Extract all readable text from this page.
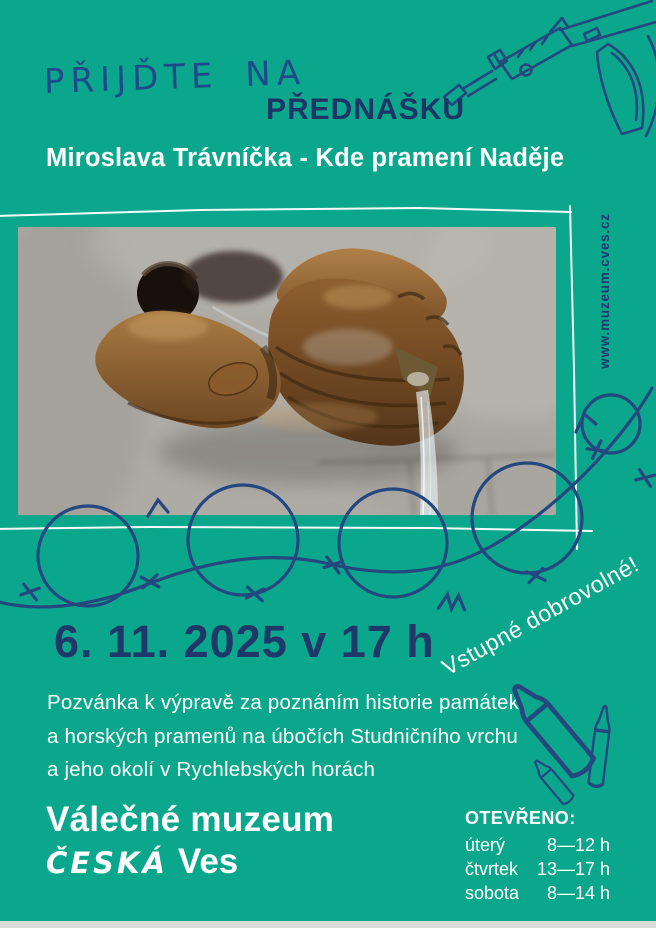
PŘIJĎTE NA
PŘEDNÁŠKU
Miroslava Trávníčka - Kde pramení Naděje
www.muzeum.cves.cz
6. 11. 2025 v 17 h Vstupné dobrovolné!
Pozvánka k výpravě za poznáním historie památek
a horských pramenů na úbočích Studničního vrchu
a jeho okolí v Rychlebských horách
Válečné muzeum
ČESKÁ Ves
OTEVŘENO:
úterý	8 — 12 h
čtvrtek	13 — 17 h
sobota	8 — 14 h
